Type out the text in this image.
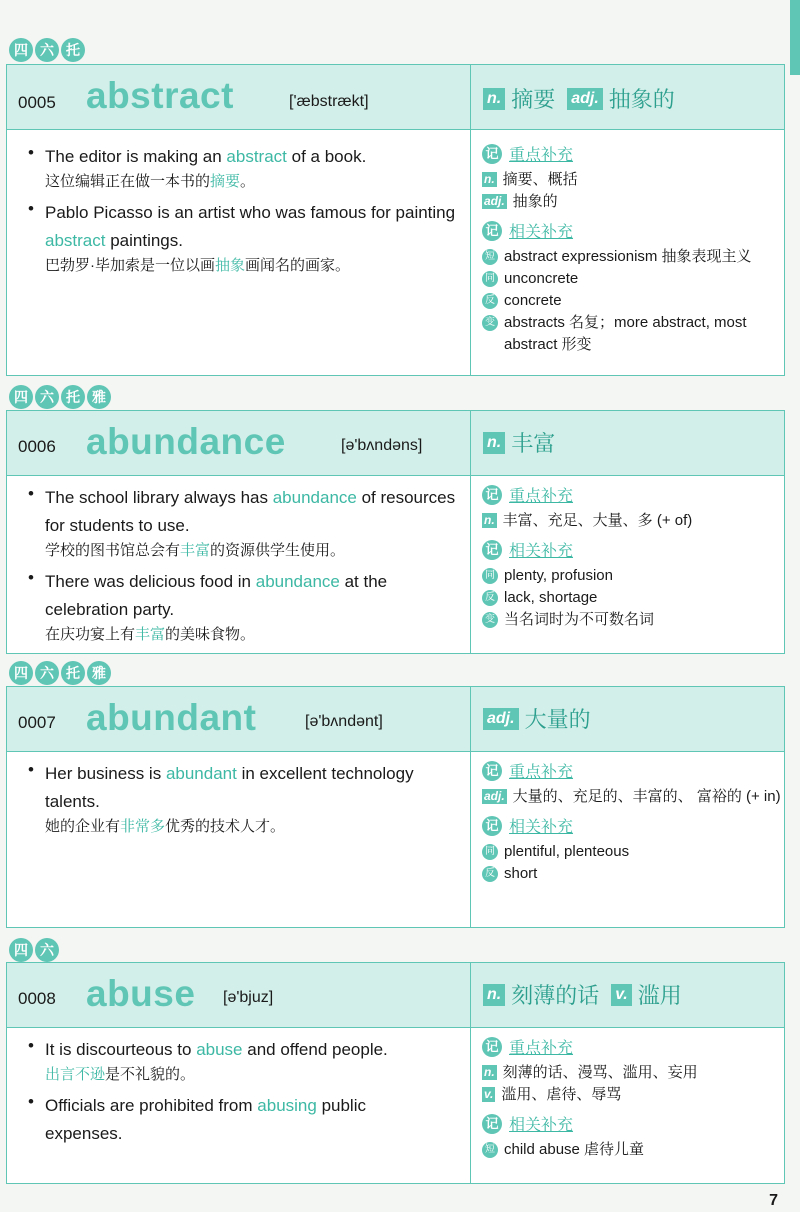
四 六 托
0005 abstract	['æbstrækt]	n. 摘要 adj. 抽象的
• The editor is making an abstract of a book.
这位编辑正在做一本书的摘要。
• Pablo Picasso is an artist who was famous for painting abstract paintings.
巴勃罗·毕加索是一位以画抽象画闻名的画家。
记 重点补充
n. 摘要、概括
adj. 抽象的
记 相关补充
短 abstract expressionism 抽象表现主义
同 unconcrete
反 concrete
变 abstracts 名复；more abstract, most abstract 形变
四 六 托 雅
0006 abundance	[ə'bʌndəns]	n. 丰富
• The school library always has abundance of resources for students to use.
学校的图书馆总会有丰富的资源供学生使用。
• There was delicious food in abundance at the celebration party.
在庆功宴上有丰富的美味食物。
记 重点补充
n. 丰富、充足、大量、多 (+ of)
记 相关补充
同 plenty, profusion
反 lack, shortage
变 当名词时为不可数名词
四 六 托 雅
0007 abundant	[ə'bʌndənt]	adj. 大量的
• Her business is abundant in excellent technology talents.
她的企业有非常多优秀的技术人才。
记 重点补充
adj. 大量的、充足的、丰富的、 富裕的 (+ in)
记 相关补充
同 plentiful, plenteous
反 short
四 六
0008 abuse [ə'bjuz]	n. 刻薄的话 v. 滥用
• It is discourteous to abuse and offend people.
出言不逊是不礼貌的。
• Officials are prohibited from abusing public expenses.
记 重点补充
n. 刻薄的话、漫骂、滥用、妄用
v. 滥用、虐待、辱骂
记 相关补充
短 child abuse 虐待儿童
7
